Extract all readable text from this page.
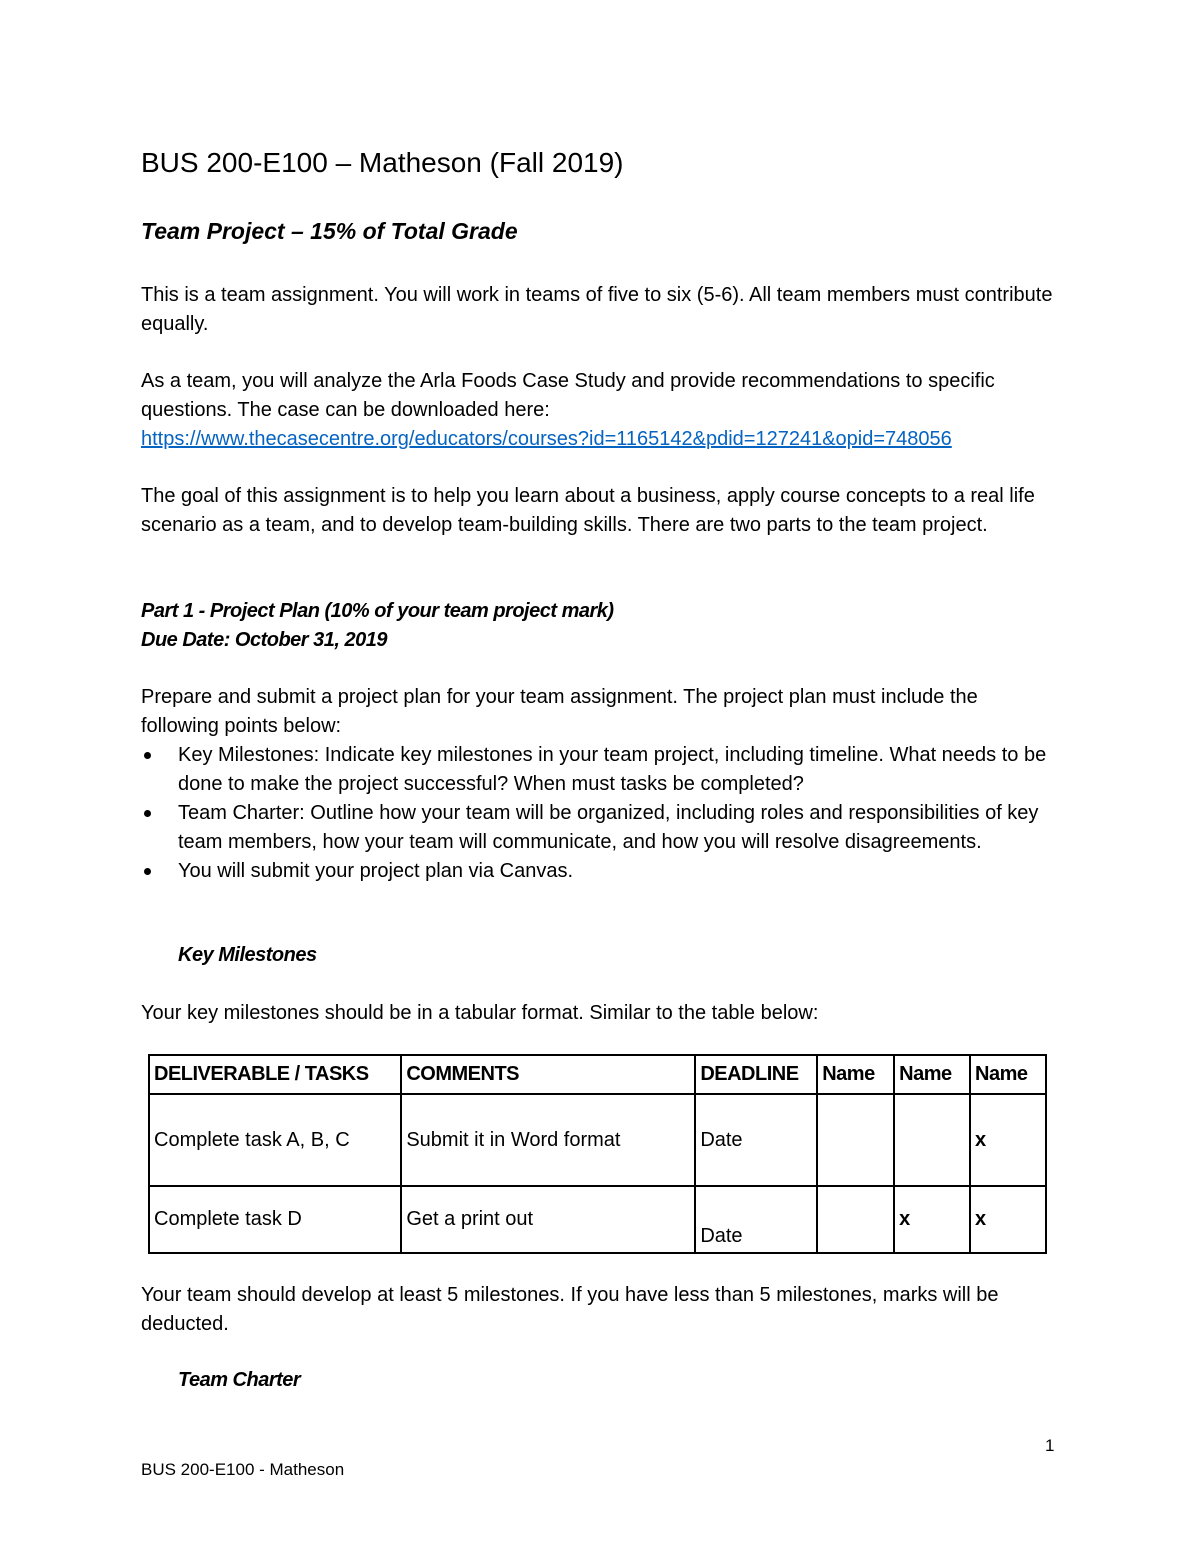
BUS 200-E100 – Matheson (Fall 2019)
Team Project – 15% of Total Grade

This is a team assignment. You will work in teams of five to six (5-6). All team members must contribute equally.

As a team, you will analyze the Arla Foods Case Study and provide recommendations to specific questions. The case can be downloaded here:
https://www.thecasecentre.org/educators/courses?id=1165142&pdid=127241&opid=748056

The goal of this assignment is to help you learn about a business, apply course concepts to a real life scenario as a team, and to develop team-building skills. There are two parts to the team project.

Part 1 - Project Plan (10% of your team project mark)
Due Date: October 31, 2019
Prepare and submit a project plan for your team assignment. The project plan must include the following points below:
Key Milestones: Indicate key milestones in your team project, including timeline. What needs to be done to make the project successful? When must tasks be completed?
Team Charter: Outline how your team will be organized, including roles and responsibilities of key team members, how your team will communicate, and how you will resolve disagreements.
You will submit your project plan via Canvas.
Key Milestones

Your key milestones should be in a tabular format. Similar to the table below:

DELIVERABLE / TASKS	COMMENTS	DEADLINE	Name	Name	Name
Complete task A, B, C	Submit it in Word format	Date			x
Complete task D	Get a print out	Date		x	x

Your team should develop at least 5 milestones. If you have less than 5 milestones, marks will be deducted.

Team Charter
1
BUS 200-E100 - Matheson
